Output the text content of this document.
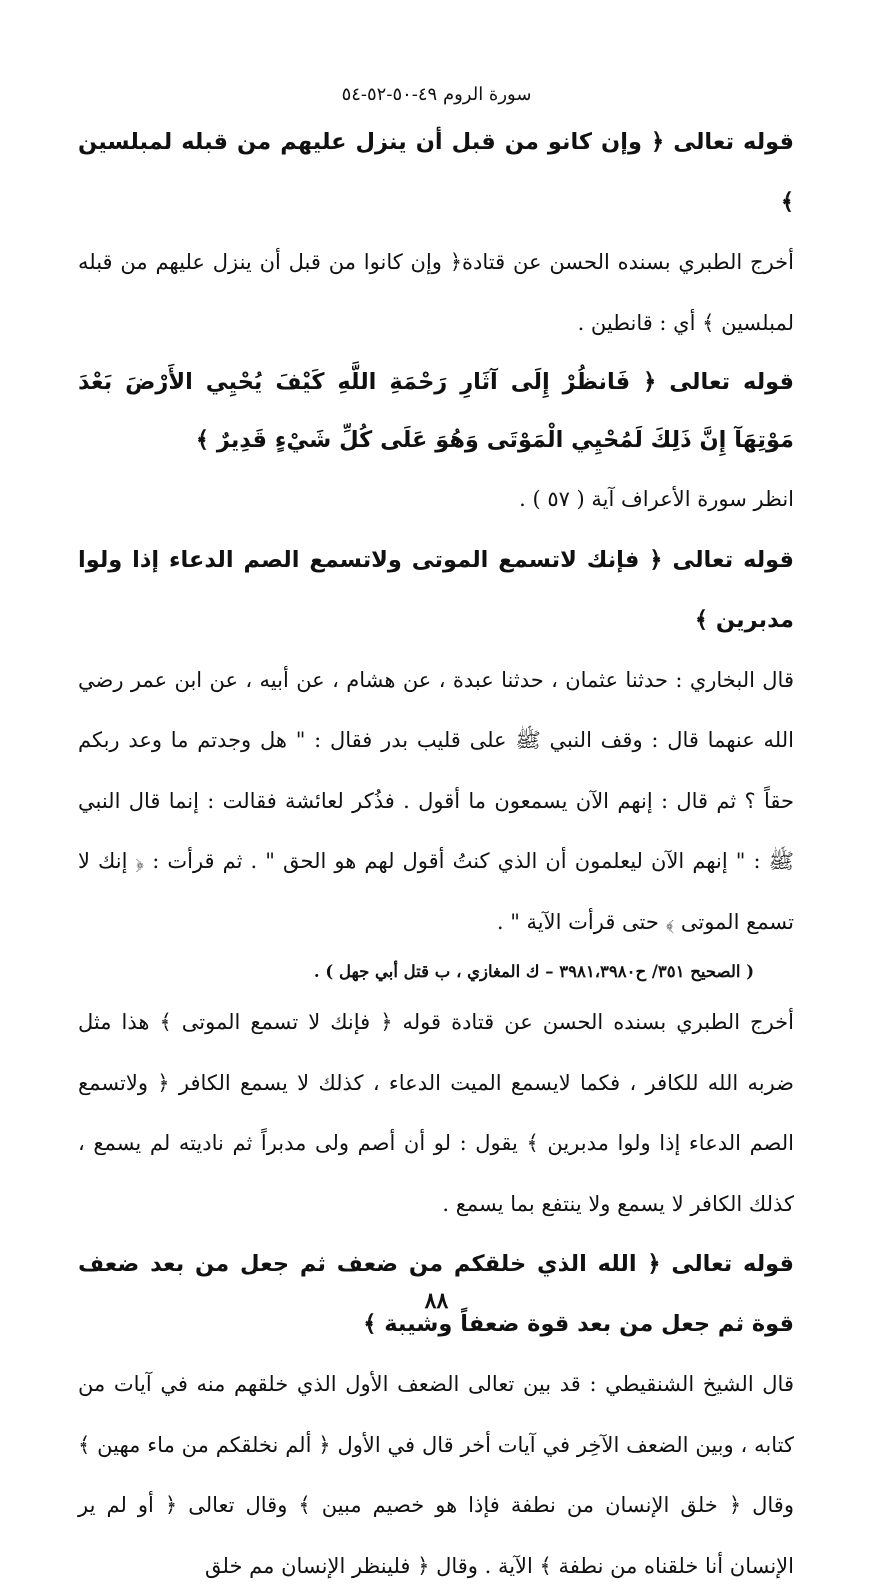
سورة الروم ٤٩-٥٠-٥٢-٥٤

قوله تعالى ﴿ وإن كانو من قبل أن ينزل عليهم من قبله لمبلسين ﴾

أخرج الطبري بسنده الحسن عن قتادة﴿ وإن كانوا من قبل أن ينزل عليهم من قبله لمبلسين ﴾ أي : قانطين .

قوله تعالى ﴿ فَانظُرْ إِلَى آثَارِ رَحْمَةِ اللَّهِ كَيْفَ يُحْيِي الأَرْضَ بَعْدَ مَوْتِهَآ إِنَّ ذَلِكَ لَمُحْيِي الْمَوْتَى وَهُوَ عَلَى كُلِّ شَيْءٍ قَدِيرٌ ﴾

انظر سورة الأعراف آية ( ٥٧ ) .

قوله تعالى ﴿ فإنك لاتسمع الموتى ولاتسمع الصم الدعاء إذا ولوا مدبرين ﴾

قال البخاري : حدثنا عثمان ، حدثنا عبدة ، عن هشام ، عن أبيه ، عن ابن عمر رضي الله عنهما قال : وقف النبي ﷺ على قليب بدر فقال : " هل وجدتم ما وعد ربكم حقاً ؟ ثم قال : إنهم الآن يسمعون ما أقول . فذُكر لعائشة فقالت : إنما قال النبي ﷺ : " إنهم الآن ليعلمون أن الذي كنتُ أقول لهم هو الحق " . ثم قرأت : ﴿ إنك لا تسمع الموتى ﴾ حتى قرأت الآية " .

( الصحيح ٣٥١/ ح٣٩٨١،٣٩٨٠ – ك المغازي ، ب قتل أبي جهل ) .

أخرج الطبري بسنده الحسن عن قتادة قوله ﴿ فإنك لا تسمع الموتى ﴾ هذا مثل ضربه الله للكافر ، فكما لايسمع الميت الدعاء ، كذلك لا يسمع الكافر ﴿ ولاتسمع الصم الدعاء إذا ولوا مدبرين ﴾ يقول : لو أن أصم ولى مدبراً ثم ناديته لم يسمع ، كذلك الكافر لا يسمع ولا ينتفع بما يسمع .

قوله تعالى ﴿ الله الذي خلقكم من ضعف ثم جعل من بعد ضعف قوة ثم جعل من بعد قوة ضعفاً وشيبة ﴾

قال الشيخ الشنقيطي : قد بين تعالى الضعف الأول الذي خلقهم منه في آيات من كتابه ، وبين الضعف الآخِر في آيات أخر قال في الأول ﴿ ألم نخلقكم من ماء مهين ﴾ وقال ﴿ خلق الإنسان من نطفة فإذا هو خصيم مبين ﴾ وقال تعالى ﴿ أو لم ير الإنسان أنا خلقناه من نطفة ﴾ الآية . وقال ﴿ فلينظر الإنسان مم خلق

٨٨
